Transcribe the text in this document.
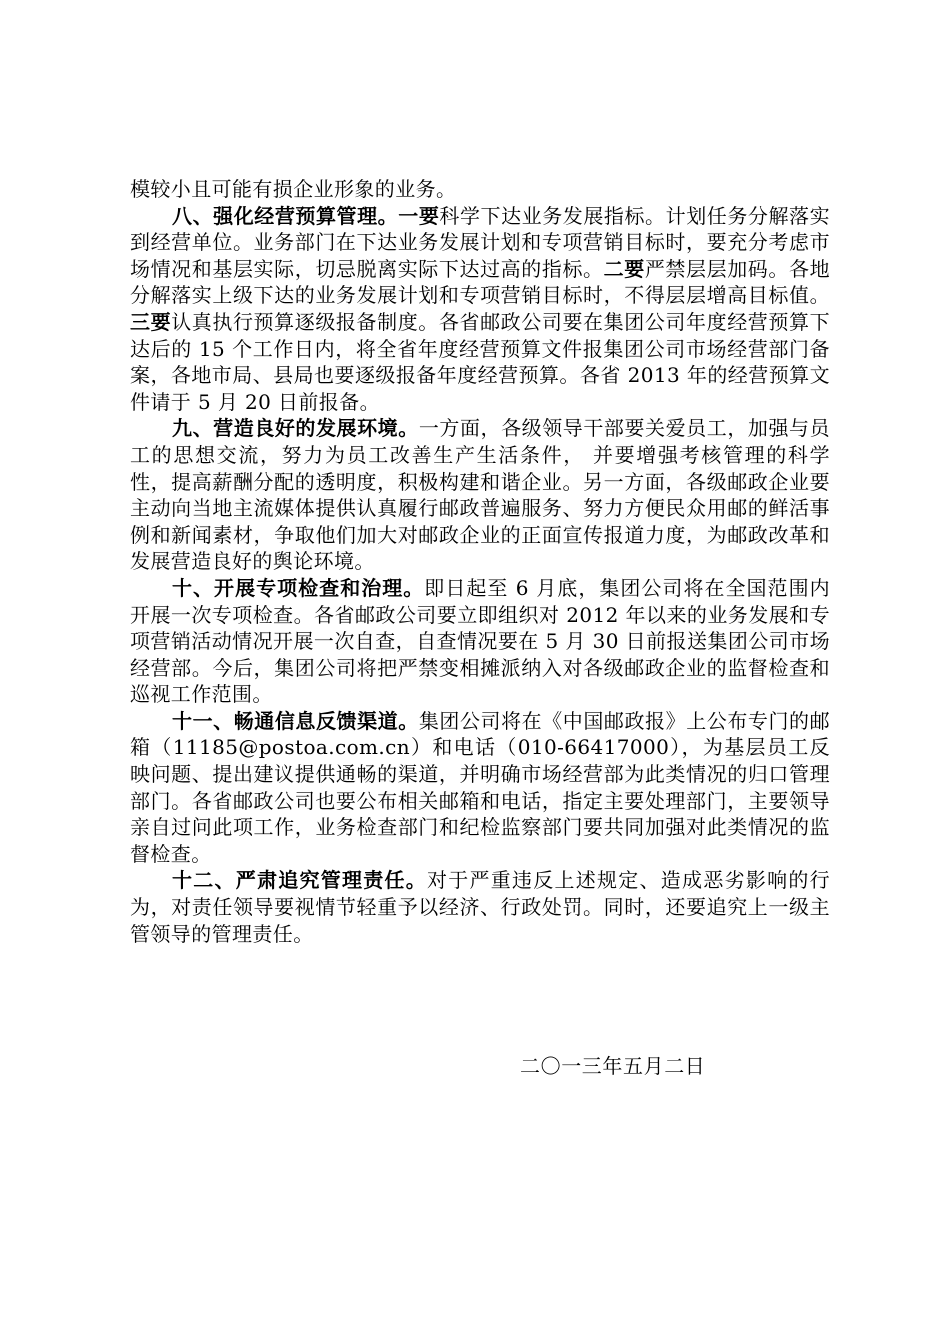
模较小且可能有损企业形象的业务。

八、强化经营预算管理。一要科学下达业务发展指标。计划任务分解落实到经营单位。业务部门在下达业务发展计划和专项营销目标时，要充分考虑市场情况和基层实际，切忌脱离实际下达过高的指标。二要严禁层层加码。各地分解落实上级下达的业务发展计划和专项营销目标时，不得层层增高目标值。三要认真执行预算逐级报备制度。各省邮政公司要在集团公司年度经营预算下达后的 15 个工作日内，将全省年度经营预算文件报集团公司市场经营部门备案，各地市局、县局也要逐级报备年度经营预算。各省 2013 年的经营预算文件请于 5 月 20 日前报备。

九、营造良好的发展环境。一方面，各级领导干部要关爱员工，加强与员工的思想交流，努力为员工改善生产生活条件， 并要增强考核管理的科学性，提高薪酬分配的透明度，积极构建和谐企业。另一方面，各级邮政企业要主动向当地主流媒体提供认真履行邮政普遍服务、努力方便民众用邮的鲜活事例和新闻素材，争取他们加大对邮政企业的正面宣传报道力度，为邮政改革和发展营造良好的舆论环境。

十、开展专项检查和治理。即日起至 6 月底，集团公司将在全国范围内开展一次专项检查。各省邮政公司要立即组织对 2012 年以来的业务发展和专项营销活动情况开展一次自查，自查情况要在 5 月 30 日前报送集团公司市场经营部。今后，集团公司将把严禁变相摊派纳入对各级邮政企业的监督检查和巡视工作范围。

十一、畅通信息反馈渠道。集团公司将在《中国邮政报》上公布专门的邮箱（11185@postoa.com.cn）和电话（010-66417000），为基层员工反映问题、提出建议提供通畅的渠道，并明确市场经营部为此类情况的归口管理部门。各省邮政公司也要公布相关邮箱和电话，指定主要处理部门，主要领导亲自过问此项工作，业务检查部门和纪检监察部门要共同加强对此类情况的监督检查。

十二、严肃追究管理责任。对于严重违反上述规定、造成恶劣影响的行为，对责任领导要视情节轻重予以经济、行政处罚。同时，还要追究上一级主管领导的管理责任。

二〇一三年五月二日
